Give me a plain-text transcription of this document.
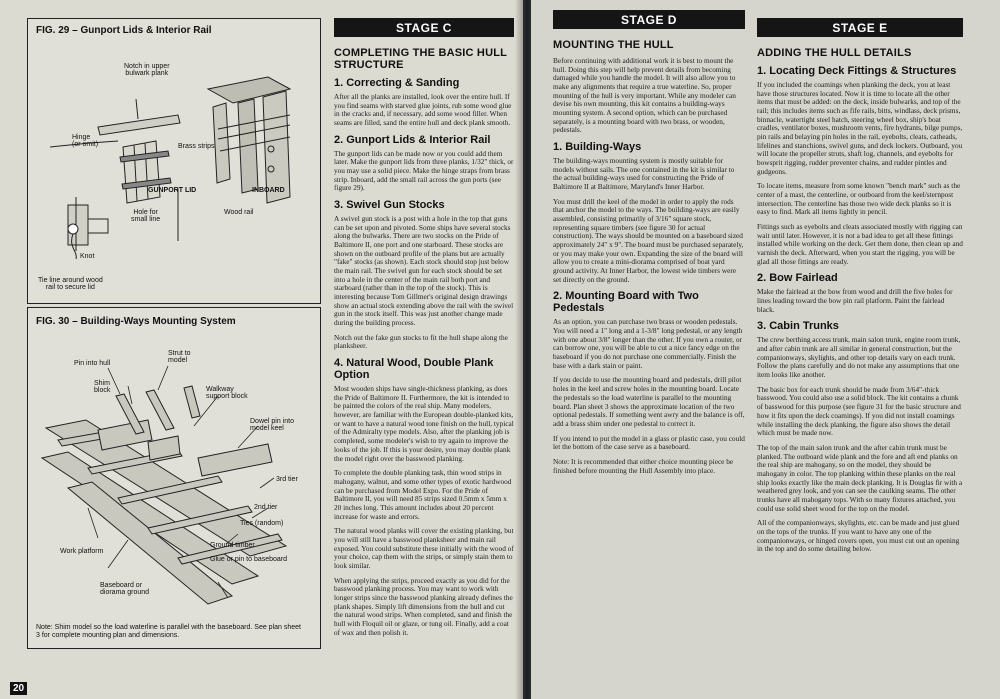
FIG. 29 – Gunport Lids & Interior Rail
Notch in upper
bulwark plank
Hinge
(or omit)	Brass strips
GUNPORT LID	INBOARD
Hole for
small line
Wood rail
Knot
Tie line around wood
rail to secure lid
FIG. 30 – Building-Ways Mounting System
Pin into hull
Shim
block
Strut to
model
Walkway
support block
Dowel pin into
model keel
3rd tier
2nd tier
Ties (random)
Ground timber
Glue or pin to baseboard
Work platform
Baseboard or
diorama ground
Note: Shim model so the load waterline is parallel with the baseboard. See plan sheet 3 for complete mounting plan and dimensions.
20
STAGE C
COMPLETING THE BASIC HULL STRUCTURE
1. Correcting & Sanding

After all the planks are installed, look over the entire hull. If you find seams with starved glue joints, rub some wood glue in the cracks and, if necessary, add some wood filler. When seams are filled, sand the entire hull and deck plank smooth.

2. Gunport Lids & Interior Rail

The gunport lids can be made now or you could add them later. Make the gunport lids from three planks, 1/32" thick, or you may use a solid piece. Make the hinge straps from brass strip. Inboard, add the small rail across the gun ports (see figure 29).

3. Swivel Gun Stocks

A swivel gun stock is a post with a hole in the top that guns can be set upon and pivoted. Some ships have several stocks along the bulwarks. There are two stocks on the Pride of Baltimore II, one port and one starboard. These stocks are shown on the outboard profile of the plans but are actually "fake" stocks (as shown). Each stock should stop just below the main rail. The swivel gun for each stock should be set into a hole in the center of the main rail both port and starboard (rather than in the top of the stock). This is interesting because Tom Gillmer's original design drawings show an actual stock extending above the rail with the swivel gun in the stock itself. This was just another change made during the building process.

Notch out the fake gun stocks to fit the hull shape along the planksheer.

4. Natural Wood, Double Plank Option

Most wooden ships have single-thickness planking, as does the Pride of Baltimore II. Furthermore, the kit is intended to be painted the colors of the real ship. Many modelers, however, are familiar with the European double-planked kits, or want to have a natural wood tone finish on the hull, typical of the Admiralty type models. Also, after the planking job is completed, some modeler's wish to try again to improve the looks of the job. If this is your desire, you may double plank the model right over the basswood planking.

To complete the double planking task, thin wood strips in mahogany, walnut, and some other types of exotic hardwood can be purchased from Model Expo. For the Pride of Baltimore II, you will need 85 strips sized 0.5mm x 5mm x 20 inches long. This amount includes about 20 percent increase for waste and errors.

The natural wood planks will cover the existing planking, but you will still have a basswood planksheer and main rail exposed. You could substitute these initially with the wood of your choice, cap them with the strips, or simply stain them to look similar.

When applying the strips, proceed exactly as you did for the basswood planking process. You may want to work with longer strips since the basswood planking already defines the plank shapes. Simply lift dimensions from the hull and cut the natural wood strips. When completed, sand and finish the hull with Floquil oil or glaze, or tung oil. Finally, add a coat of wax and then polish it.

STAGE D
MOUNTING THE HULL

Before continuing with additional work it is best to mount the hull. Doing this step will help prevent details from becoming damaged while you handle the model. It will also allow you to make any alignments that require a true waterline. So, proper mounting of the hull is very important. While any modeler can devise his own mounting, this kit contains a building-ways mounting system. A second option, which can be purchased separately, is a mounting board with two brass, or wooden, pedestals.

1. Building-Ways

The building-ways mounting system is mostly suitable for models without sails. The one contained in the kit is similar to the actual building-ways used for constructing the Pride of Baltimore II at Baltimore, Maryland's Inner Harbor.

You must drill the keel of the model in order to apply the rods that anchor the model to the ways. The building-ways are easily assembled, consisting primarily of 3/16" square stock, representing square timbers (see figure 30 for actual construction). The ways should be mounted on a baseboard sized approximately 24" x 9". The board must be purchased separately, or you may make your own. Expanding the size of the board will allow you to create a mini-diorama comprised of boat yard ground activity. At Inner Harbor, the lowest wide timbers were set directly on the ground.

2. Mounting Board with Two Pedestals

As an option, you can purchase two brass or wooden pedestals. You will need a 1" long and a 1-3/8" long pedestal, or any length with one about 3/8" longer than the other. If you own a router, or can borrow one, you will be able to cut a nice fancy edge on the baseboard if you do not purchase one commercially. Finish the base with a dark stain or paint.

If you decide to use the mounting board and pedestals, drill pilot holes in the keel and screw holes in the mounting board. Locate the pedestals so the load waterline is parallel to the mounting board. Plan sheet 3 shows the approximate location of the two optional pedestals. If something went awry and the balance is off, add a brass shim under one pedestal to correct it.

If you intend to put the model in a glass or plastic case, you could let the bottom of the case serve as a baseboard.

Note: It is recommended that either choice mounting piece be finished before mounting the Hull Assembly into place.

STAGE E
ADDING THE HULL DETAILS
1. Locating Deck Fittings & Structures

If you included the coamings when planking the deck, you at least have those structures located. Now it is time to locate all the other items that must be added: on the deck, inside bulwarks, and top of the rail; this includes items such as fife rails, bitts, windlass, deck prisms, binnacle, watertight steel hatch, steering wheel box, ship's boat cradles, ventilator boxes, mushroom vents, fire hydrants, bilge pumps, pin rails and belaying pin holes in the rail, eyebolts, cleats, catheads, lifelines and stanchions, swivel guns, and deck lockers. Outboard, you will locate the propeller struts, shaft log, channels, and eyebolts for bowsprit rigging, rudder preventer chains, and rudder pintles and gudgeons.

To locate items, measure from some known "bench mark" such as the center of a mast, the centerline, or outboard from the keel/sternpost intersection. The centerline has those two wide deck planks so it is easy to find. Mark all items lightly in pencil.

Fittings such as eyebolts and cleats associated mostly with rigging can wait until later. However, it is not a bad idea to get all these fittings installed while working on the deck. Get them done, then clean up and varnish the deck. Afterward, when you start the rigging, you will be glad all those fittings are ready.

2. Bow Fairlead

Make the fairlead at the bow from wood and drill the five holes for lines leading toward the bow pin rail platform. Paint the fairlead black.

3. Cabin Trunks

The crew berthing access trunk, main salon trunk, engine room trunk, and after cabin trunk are all similar in general construction, but the companionways, skylights, and other top details vary on each trunk. Follow the plans carefully and do not make any assumptions that one item looks like another.

The basic box for each trunk should be made from 3/64"-thick basswood. You could also use a solid block. The kit contains a chunk of basswood for this purpose (see figure 31 for the basic structure and how it fits upon the deck coamings). If you did not install coamings while installing the deck planking, the figure also shows the detail which must be made now.

The top of the main salon trunk and the after cabin trunk must be planked. The outboard wide plank and the fore and aft end planks on the real ship are mahogany, so on the model, they should be mahogany in color. The top planking within these planks on the real ship looks exactly like the main deck planking. It is Douglas fir with a weathered grey look, and you can see the caulking seams. The other trunks have all mahogany tops. With so many fixtures attached, you could use solid sheet wood for the top on the model.

All of the companionways, skylights, etc. can be made and just glued on the tops of the trunks. If you want to have any one of the companionways, or hinged covers open, you must cut out an opening in the top and do some detailing below.
